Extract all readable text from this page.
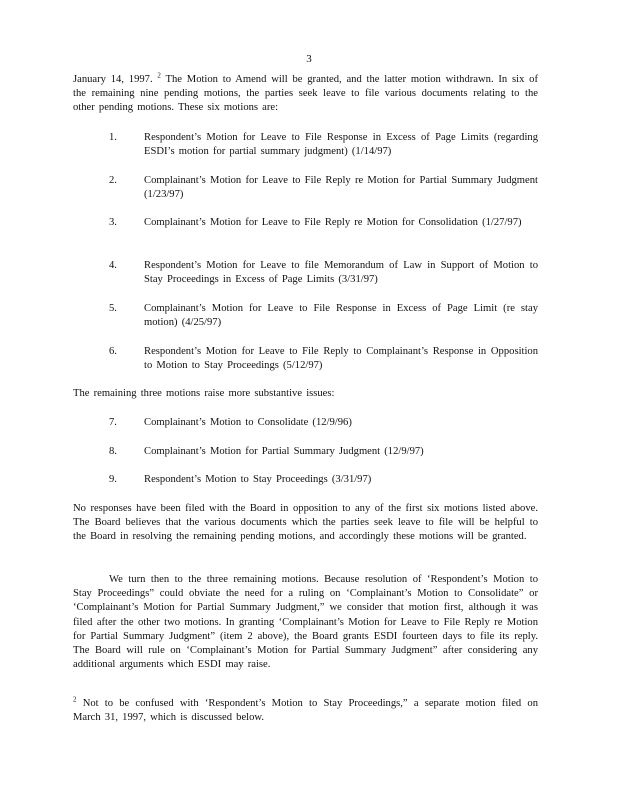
3

January 14, 1997. $^2$ The Motion to Amend will be granted, and the latter motion withdrawn. In six of the remaining nine pending motions, the parties seek leave to file various documents relating to the other pending motions. These six motions are:

1.	Respondent’s Motion for Leave to File Response in Excess of Page Limits (regarding ESDI’s motion for partial summary judgment) (1/14/97)
2.	Complainant’s Motion for Leave to File Reply re Motion for Partial Summary Judgment (1/23/97)
3.	Complainant’s Motion for Leave to File Reply re Motion for Consolidation (1/27/97)
4.	Respondent’s Motion for Leave to file Memorandum of Law in Support of Motion to Stay Proceedings in Excess of Page Limits (3/31/97)
5.	Complainant’s Motion for Leave to File Response in Excess of Page Limit (re stay motion) (4/25/97)
6.	Respondent’s Motion for Leave to File Reply to Complainant’s Response in Opposition to Motion to Stay Proceedings (5/12/97)

The remaining three motions raise more substantive issues:

7.	Complainant’s Motion to Consolidate (12/9/96)
8.	Complainant’s Motion for Partial Summary Judgment (12/9/97)
9.	Respondent’s Motion to Stay Proceedings (3/31/97)

No responses have been filed with the Board in opposition to any of the first six motions listed above. The Board believes that the various documents which the parties seek leave to file will be helpful to the Board in resolving the remaining pending motions, and accordingly these motions will be granted.

We turn then to the three remaining motions. Because resolution of ‘Respondent’s Motion to Stay Proceedings” could obviate the need for a ruling on ‘Complainant’s Motion to Consolidate” or ‘Complainant’s Motion for Partial Summary Judgment,” we consider that motion first, although it was filed after the other two motions. In granting ‘Complainant’s Motion for Leave to File Reply re Motion for Partial Summary Judgment” (item 2 above), the Board grants ESDI fourteen days to file its reply. The Board will rule on ‘Complainant’s Motion for Partial Summary Judgment” after considering any additional arguments which ESDI may raise.

$^2$ Not to be confused with ‘Respondent’s Motion to Stay Proceedings,” a separate motion filed on March 31, 1997, which is discussed below.
